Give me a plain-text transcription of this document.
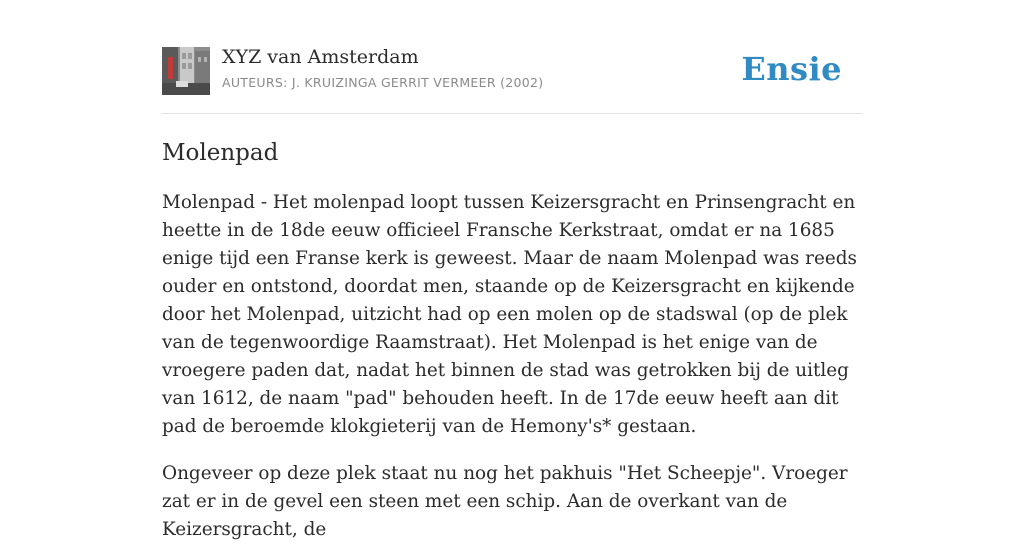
XYZ van Amsterdam
AUTEURS: J. KRUIZINGA GERRIT VERMEER (2002)	Ensie
Molenpad

Molenpad - Het molenpad loopt tussen Keizersgracht en Prinsengracht en heette in de 18de eeuw officieel Fransche Kerkstraat, omdat er na 1685 enige tijd een Franse kerk is geweest. Maar de naam Molenpad was reeds ouder en ontstond, doordat men, staande op de Keizersgracht en kijkende door het Molenpad, uitzicht had op een molen op de stadswal (op de plek van de tegenwoordige Raamstraat). Het Molenpad is het enige van de vroegere paden dat, nadat het binnen de stad was getrokken bij de uitleg van 1612, de naam "pad" behouden heeft. In de 17de eeuw heeft aan dit pad de beroemde klokgieterij van de Hemony's* gestaan.

Ongeveer op deze plek staat nu nog het pakhuis "Het Scheepje". Vroeger zat er in de gevel een steen met een schip. Aan de overkant van de Keizersgracht, de
